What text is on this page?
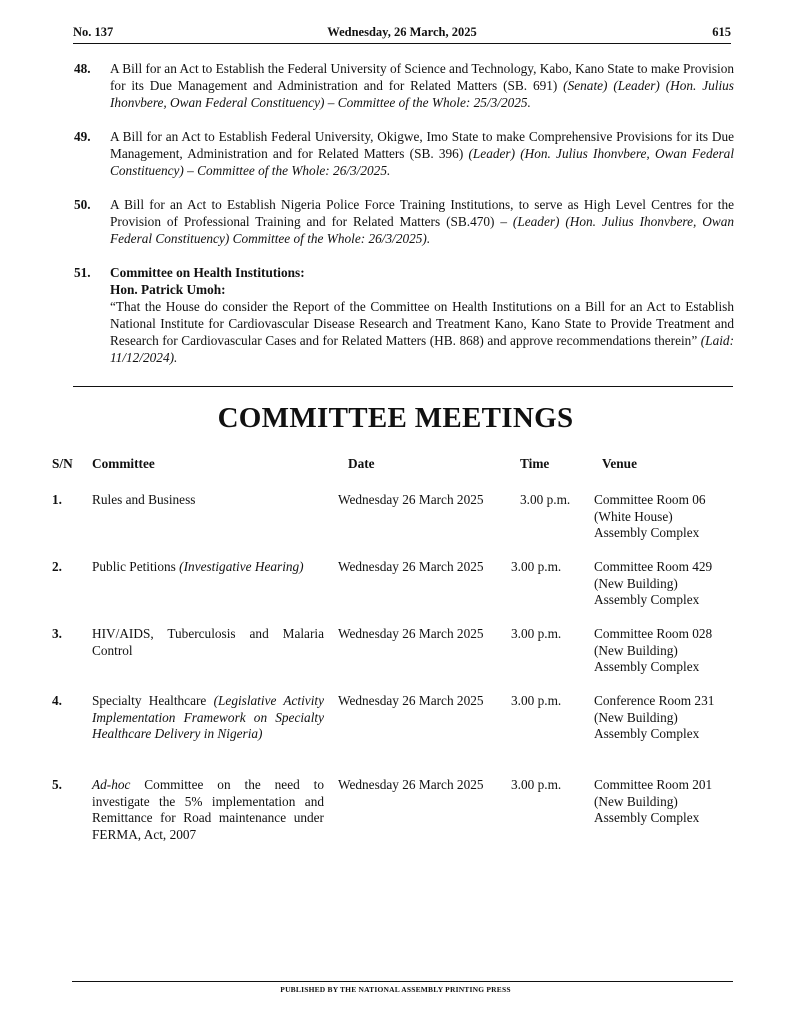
No. 137	Wednesday, 26 March, 2025	615
48.	A Bill for an Act to Establish the Federal University of Science and Technology, Kabo, Kano State to make Provision for its Due Management and Administration and for Related Matters (SB. 691) (Senate) (Leader) (Hon. Julius Ihonvbere, Owan Federal Constituency) – Committee of the Whole: 25/3/2025.
49.	A Bill for an Act to Establish Federal University, Okigwe, Imo State to make Comprehensive Provisions for its Due Management, Administration and for Related Matters (SB. 396) (Leader) (Hon. Julius Ihonvbere, Owan Federal Constituency) – Committee of the Whole: 26/3/2025.
50.	A Bill for an Act to Establish Nigeria Police Force Training Institutions, to serve as High Level Centres for the Provision of Professional Training and for Related Matters (SB.470) – (Leader) (Hon. Julius Ihonvbere, Owan Federal Constituency) Committee of the Whole: 26/3/2025).
51.	Committee on Health Institutions:
Hon. Patrick Umoh:
“That the House do consider the Report of the Committee on Health Institutions on a Bill for an Act to Establish National Institute for Cardiovascular Disease Research and Treatment Kano, Kano State to Provide Treatment and Research for Cardiovascular Cases and for Related Matters (HB. 868) and approve recommendations therein” (Laid: 11/12/2024).
COMMITTEE MEETINGS
S/N Committee	Date	Time	Venue
1.	Rules and Business	Wednesday 26 March 2025	3.00 p.m.	Committee Room 06
(White House)
Assembly Complex
2.	Public Petitions (Investigative Hearing)	Wednesday 26 March 2025	3.00 p.m.	Committee Room 429
(New Building)
Assembly Complex
3.	HIV/AIDS, Tuberculosis and Malaria Control
Wednesday 26 March 2025	3.00 p.m.	Committee Room 028
(New Building)
Assembly Complex
4.	Specialty Healthcare (Legislative Activity Implementation Framework on Specialty Healthcare Delivery in Nigeria)
Wednesday 26 March 2025	3.00 p.m.	Conference Room 231
(New Building)
Assembly Complex
5.	Ad-hoc Committee on the need to investigate the 5% implementation and Remittance for Road maintenance under FERMA, Act, 2007
Wednesday 26 March 2025	3.00 p.m.	Committee Room 201
(New Building)
Assembly Complex
PUBLISHED BY THE NATIONAL ASSEMBLY PRINTING PRESS
